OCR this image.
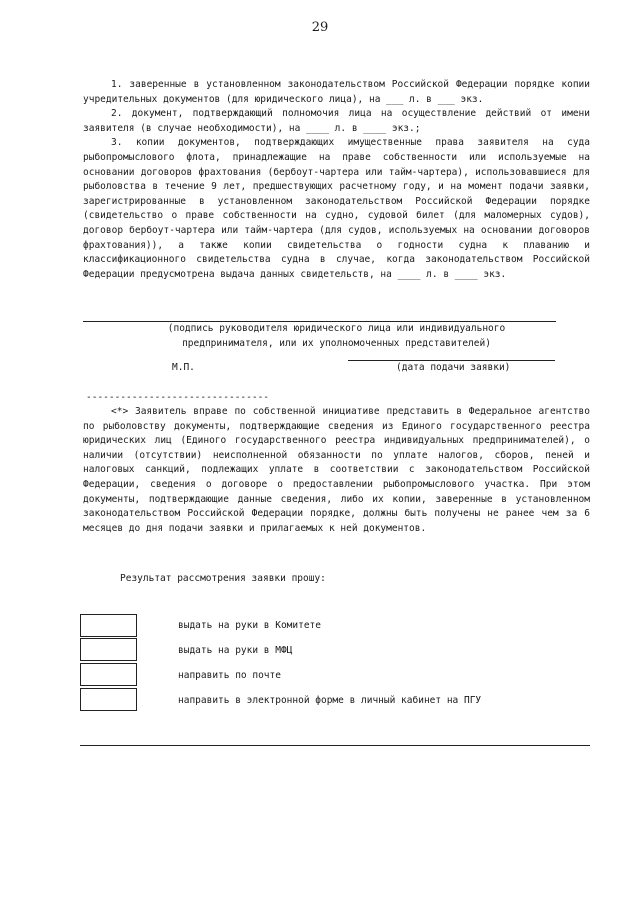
29

1. заверенные в установленном законодательством Российской Федерации порядке копии учредительных документов (для юридического лица), на ___ л. в ___ экз.

2. документ, подтверждающий полномочия лица на осуществление действий от имени заявителя (в случае необходимости), на ____ л. в ____ экз.;

3. копии документов, подтверждающих имущественные права заявителя на суда рыбопромыслового флота, принадлежащие на праве собственности или используемые на основании договоров фрахтования (бербоут-чартера или тайм-чартера), использовавшиеся для рыболовства в течение 9 лет, предшествующих расчетному году, и на момент подачи заявки, зарегистрированные в установленном законодательством Российской Федерации порядке (свидетельство о праве собственности на судно, судовой билет (для маломерных судов), договор бербоут-чартера или тайм-чартера (для судов, используемых на основании договоров фрахтования)), а также копии свидетельства о годности судна к плаванию и классификационного свидетельства судна в случае, когда законодательством Российской Федерации предусмотрена выдача данных свидетельств, на ____ л. в ____ экз.

(подпись руководителя юридического лица или индивидуального
предпринимателя, или их уполномоченных представителей)
М.П.	(дата подачи заявки)
--------------------------------

<*> Заявитель вправе по собственной инициативе представить в Федеральное агентство по рыболовству документы, подтверждающие сведения из Единого государственного реестра юридических лиц (Единого государственного реестра индивидуальных предпринимателей), о наличии (отсутствии) неисполненной обязанности по уплате налогов, сборов, пеней и налоговых санкций, подлежащих уплате в соответствии с законодательством Российской Федерации, сведения о договоре о предоставлении рыбопромыслового участка. При этом документы, подтверждающие данные сведения, либо их копии, заверенные в установленном законодательством Российской Федерации порядке, должны быть получены не ранее чем за 6 месяцев до дня подачи заявки и прилагаемых к ней документов.

Результат рассмотрения заявки прошу:
выдать на руки в Комитете
выдать на руки в МФЦ
направить по почте
направить в электронной форме в личный кабинет на ПГУ
